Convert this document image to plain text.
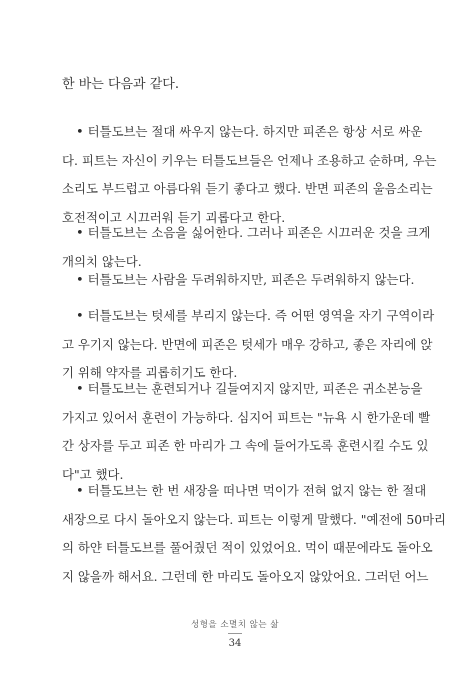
한 바는 다음과 같다.
• 터틀도브는 절대 싸우지 않는다. 하지만 피존은 항상 서로 싸운
다. 피트는 자신이 키우는 터틀도브들은 언제나 조용하고 순하며, 우는
소리도 부드럽고 아름다워 듣기 좋다고 했다. 반면 피존의 울음소리는
호전적이고 시끄러워 듣기 괴롭다고 한다.
• 터틀도브는 소음을 싫어한다. 그러나 피존은 시끄러운 것을 크게
개의치 않는다.
• 터틀도브는 사람을 두려워하지만, 피존은 두려워하지 않는다.
• 터틀도브는 텃세를 부리지 않는다. 즉 어떤 영역을 자기 구역이라
고 우기지 않는다. 반면에 피존은 텃세가 매우 강하고, 좋은 자리에 앉
기 위해 약자를 괴롭히기도 한다.
• 터틀도브는 훈련되거나 길들여지지 않지만, 피존은 귀소본능을
가지고 있어서 훈련이 가능하다. 심지어 피트는 "뉴욕 시 한가운데 빨
간 상자를 두고 피존 한 마리가 그 속에 들어가도록 훈련시킬 수도 있
다"고 했다.
• 터틀도브는 한 번 새장을 떠나면 먹이가 전혀 없지 않는 한 절대
새장으로 다시 돌아오지 않는다. 피트는 이렇게 말했다. "예전에 50마리
의 하얀 터틀도브를 풀어줬던 적이 있었어요. 먹이 때문에라도 돌아오
지 않을까 해서요. 그런데 한 마리도 돌아오지 않았어요. 그러던 어느
성형을 소멸치 않는 삶
34
